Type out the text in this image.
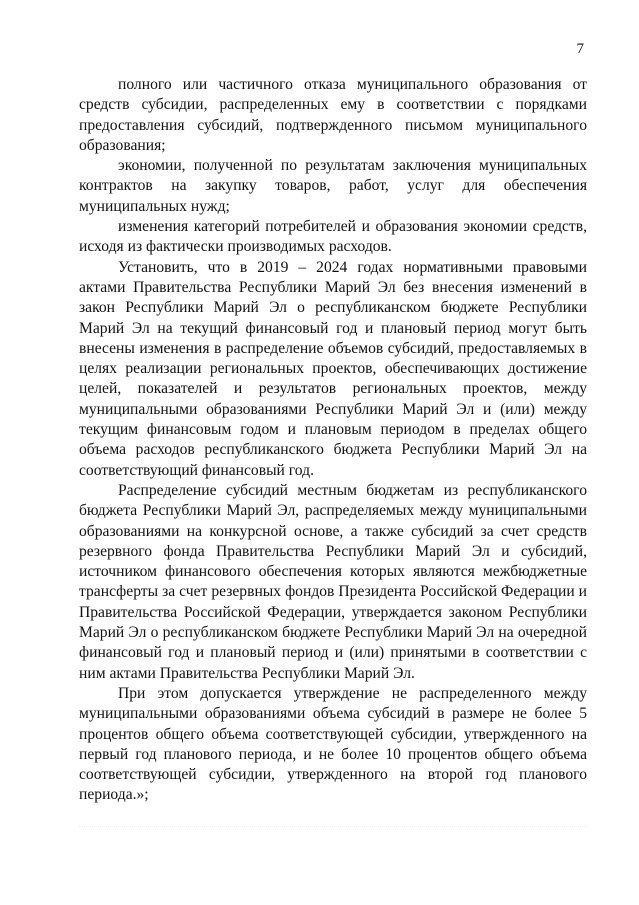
7

полного или частичного отказа муниципального образования от средств субсидии, распределенных ему в соответствии с порядками предоставления субсидий, подтвержденного письмом муниципального образования;

экономии, полученной по результатам заключения муниципальных контрактов на закупку товаров, работ, услуг для обеспечения муниципальных нужд;

изменения категорий потребителей и образования экономии средств, исходя из фактически производимых расходов.

Установить, что в 2019 – 2024 годах нормативными правовыми актами Правительства Республики Марий Эл без внесения изменений в закон Республики Марий Эл о республиканском бюджете Республики Марий Эл на текущий финансовый год и плановый период могут быть внесены изменения в распределение объемов субсидий, предоставляемых в целях реализации региональных проектов, обеспечивающих достижение целей, показателей и результатов региональных проектов, между муниципальными образованиями Республики Марий Эл и (или) между текущим финансовым годом и плановым периодом в пределах общего объема расходов республиканского бюджета Республики Марий Эл на соответствующий финансовый год.

Распределение субсидий местным бюджетам из республиканского бюджета Республики Марий Эл, распределяемых между муниципальными образованиями на конкурсной основе, а также субсидий за счет средств резервного фонда Правительства Республики Марий Эл и субсидий, источником финансового обеспечения которых являются межбюджетные трансферты за счет резервных фондов Президента Российской Федерации и Правительства Российской Федерации, утверждается законом Республики Марий Эл о республиканском бюджете Республики Марий Эл на очередной финансовый год и плановый период и (или) принятыми в соответствии с ним актами Правительства Республики Марий Эл.

При этом допускается утверждение не распределенного между муниципальными образованиями объема субсидий в размере не более 5 процентов общего объема соответствующей субсидии, утвержденного на первый год планового периода, и не более 10 процентов общего объема соответствующей субсидии, утвержденного на второй год планового периода.»;
